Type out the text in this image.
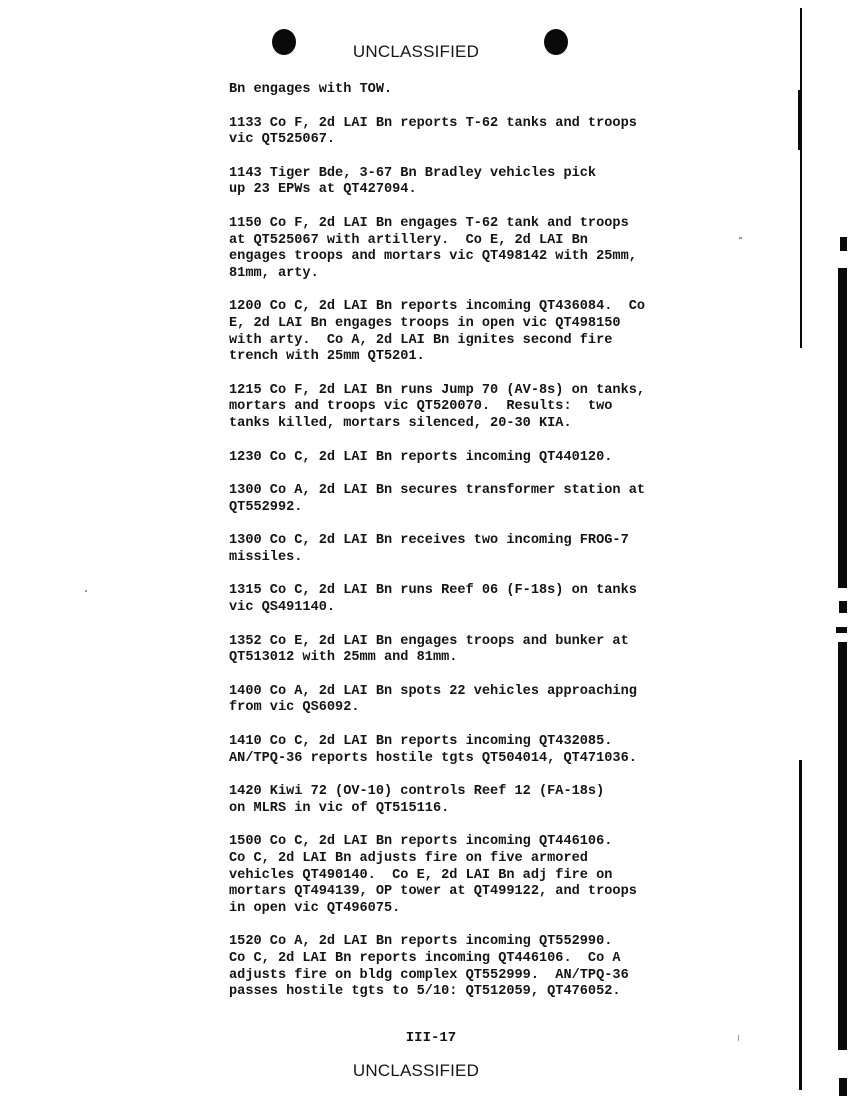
UNCLASSIFIED
Bn engages with TOW.
1133 Co F, 2d LAI Bn reports T-62 tanks and troops
vic QT525067.
1143 Tiger Bde, 3-67 Bn Bradley vehicles pick
up 23 EPWs at QT427094.
1150 Co F, 2d LAI Bn engages T-62 tank and troops
at QT525067 with artillery.  Co E, 2d LAI Bn
engages troops and mortars vic QT498142 with 25mm,
81mm, arty.
1200 Co C, 2d LAI Bn reports incoming QT436084.  Co
E, 2d LAI Bn engages troops in open vic QT498150
with arty.  Co A, 2d LAI Bn ignites second fire
trench with 25mm QT5201.
1215 Co F, 2d LAI Bn runs Jump 70 (AV-8s) on tanks,
mortars and troops vic QT520070.  Results:  two
tanks killed, mortars silenced, 20-30 KIA.
1230 Co C, 2d LAI Bn reports incoming QT440120.
1300 Co A, 2d LAI Bn secures transformer station at
QT552992.
1300 Co C, 2d LAI Bn receives two incoming FROG-7
missiles.
1315 Co C, 2d LAI Bn runs Reef 06 (F-18s) on tanks
vic QS491140.
1352 Co E, 2d LAI Bn engages troops and bunker at
QT513012 with 25mm and 81mm.
1400 Co A, 2d LAI Bn spots 22 vehicles approaching
from vic QS6092.
1410 Co C, 2d LAI Bn reports incoming QT432085.
AN/TPQ-36 reports hostile tgts QT504014, QT471036.
1420 Kiwi 72 (OV-10) controls Reef 12 (FA-18s)
on MLRS in vic of QT515116.
1500 Co C, 2d LAI Bn reports incoming QT446106.
Co C, 2d LAI Bn adjusts fire on five armored
vehicles QT490140.  Co E, 2d LAI Bn adj fire on
mortars QT494139, OP tower at QT499122, and troops
in open vic QT496075.
1520 Co A, 2d LAI Bn reports incoming QT552990.
Co C, 2d LAI Bn reports incoming QT446106.  Co A
adjusts fire on bldg complex QT552999.  AN/TPQ-36
passes hostile tgts to 5/10: QT512059, QT476052.
III-17
UNCLASSIFIED
